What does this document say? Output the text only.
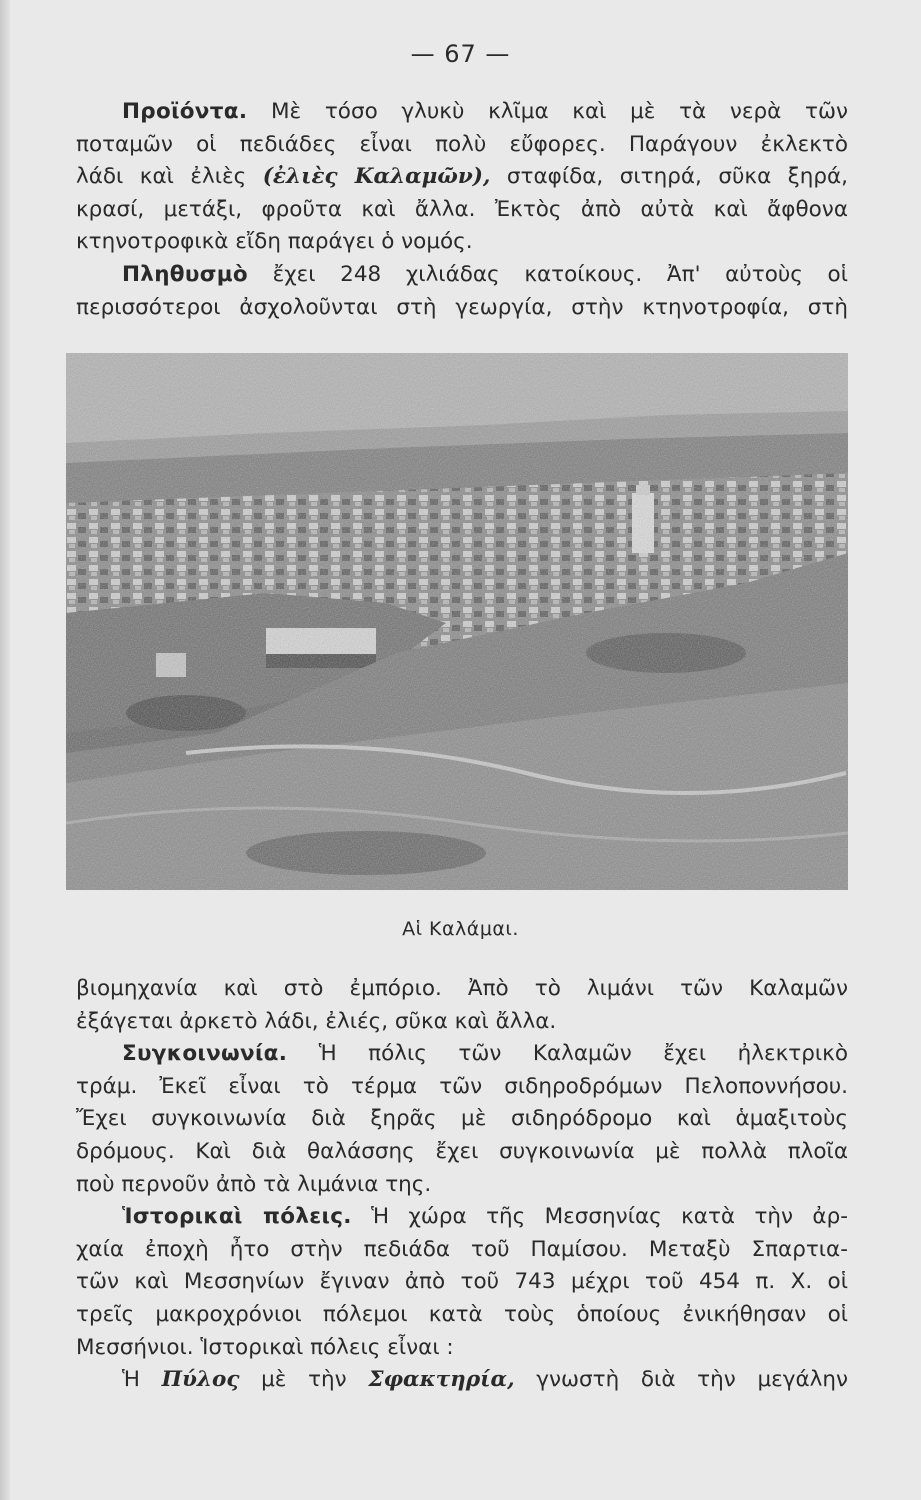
— 67 —

Προϊόντα. Μὲ τόσο γλυκὺ κλῖμα καὶ μὲ τὰ νερὰ τῶν

ποταμῶν οἱ πεδιάδες εἶναι πολὺ εὔφορες. Παράγουν ἐκλεκτὸ

λάδι καὶ ἐλιὲς (ἐλιὲς Καλαμῶν), σταφίδα, σιτηρά, σῦκα ξηρά,

κρασί, μετάξι, φροῦτα καὶ ἄλλα. Ἐκτὸς ἀπὸ αὐτὰ καὶ ἄφθονα

κτηνοτροφικὰ εἴδη παράγει ὁ νομός.

Πληθυσμὸ ἔχει 248 χιλιάδας κατοίκους. Ἀπ' αὐτοὺς οἱ

περισσότεροι ἀσχολοῦνται στὴ γεωργία, στὴν κτηνοτροφία, στὴ

Αἱ Καλάμαι.

βιομηχανία καὶ στὸ ἐμπόριο. Ἀπὸ τὸ λιμάνι τῶν Καλαμῶν

ἐξάγεται ἀρκετὸ λάδι, ἐλιές, σῦκα καὶ ἄλλα.

Συγκοινωνία. Ἡ πόλις τῶν Καλαμῶν ἔχει ἠλεκτρικὸ

τράμ. Ἐκεῖ εἶναι τὸ τέρμα τῶν σιδηροδρόμων Πελοποννήσου.

Ἔχει συγκοινωνία διὰ ξηρᾶς μὲ σιδηρόδρομο καὶ ἁμαξιτοὺς

δρόμους. Καὶ διὰ θαλάσσης ἔχει συγκοινωνία μὲ πολλὰ πλοῖα

ποὺ περνοῦν ἀπὸ τὰ λιμάνια της.

Ἱστορικαὶ πόλεις. Ἡ χώρα τῆς Μεσσηνίας κατὰ τὴν ἀρ-

χαία ἐποχὴ ἦτο στὴν πεδιάδα τοῦ Παμίσου. Μεταξὺ Σπαρτια-

τῶν καὶ Μεσσηνίων ἔγιναν ἀπὸ τοῦ 743 μέχρι τοῦ 454 π. Χ. οἱ

τρεῖς μακροχρόνιοι πόλεμοι κατὰ τοὺς ὁποίους ἐνικήθησαν οἱ

Μεσσήνιοι. Ἱστορικαὶ πόλεις εἶναι :

Ἡ Πύλος μὲ τὴν Σφακτηρία, γνωστὴ διὰ τὴν μεγάλην
